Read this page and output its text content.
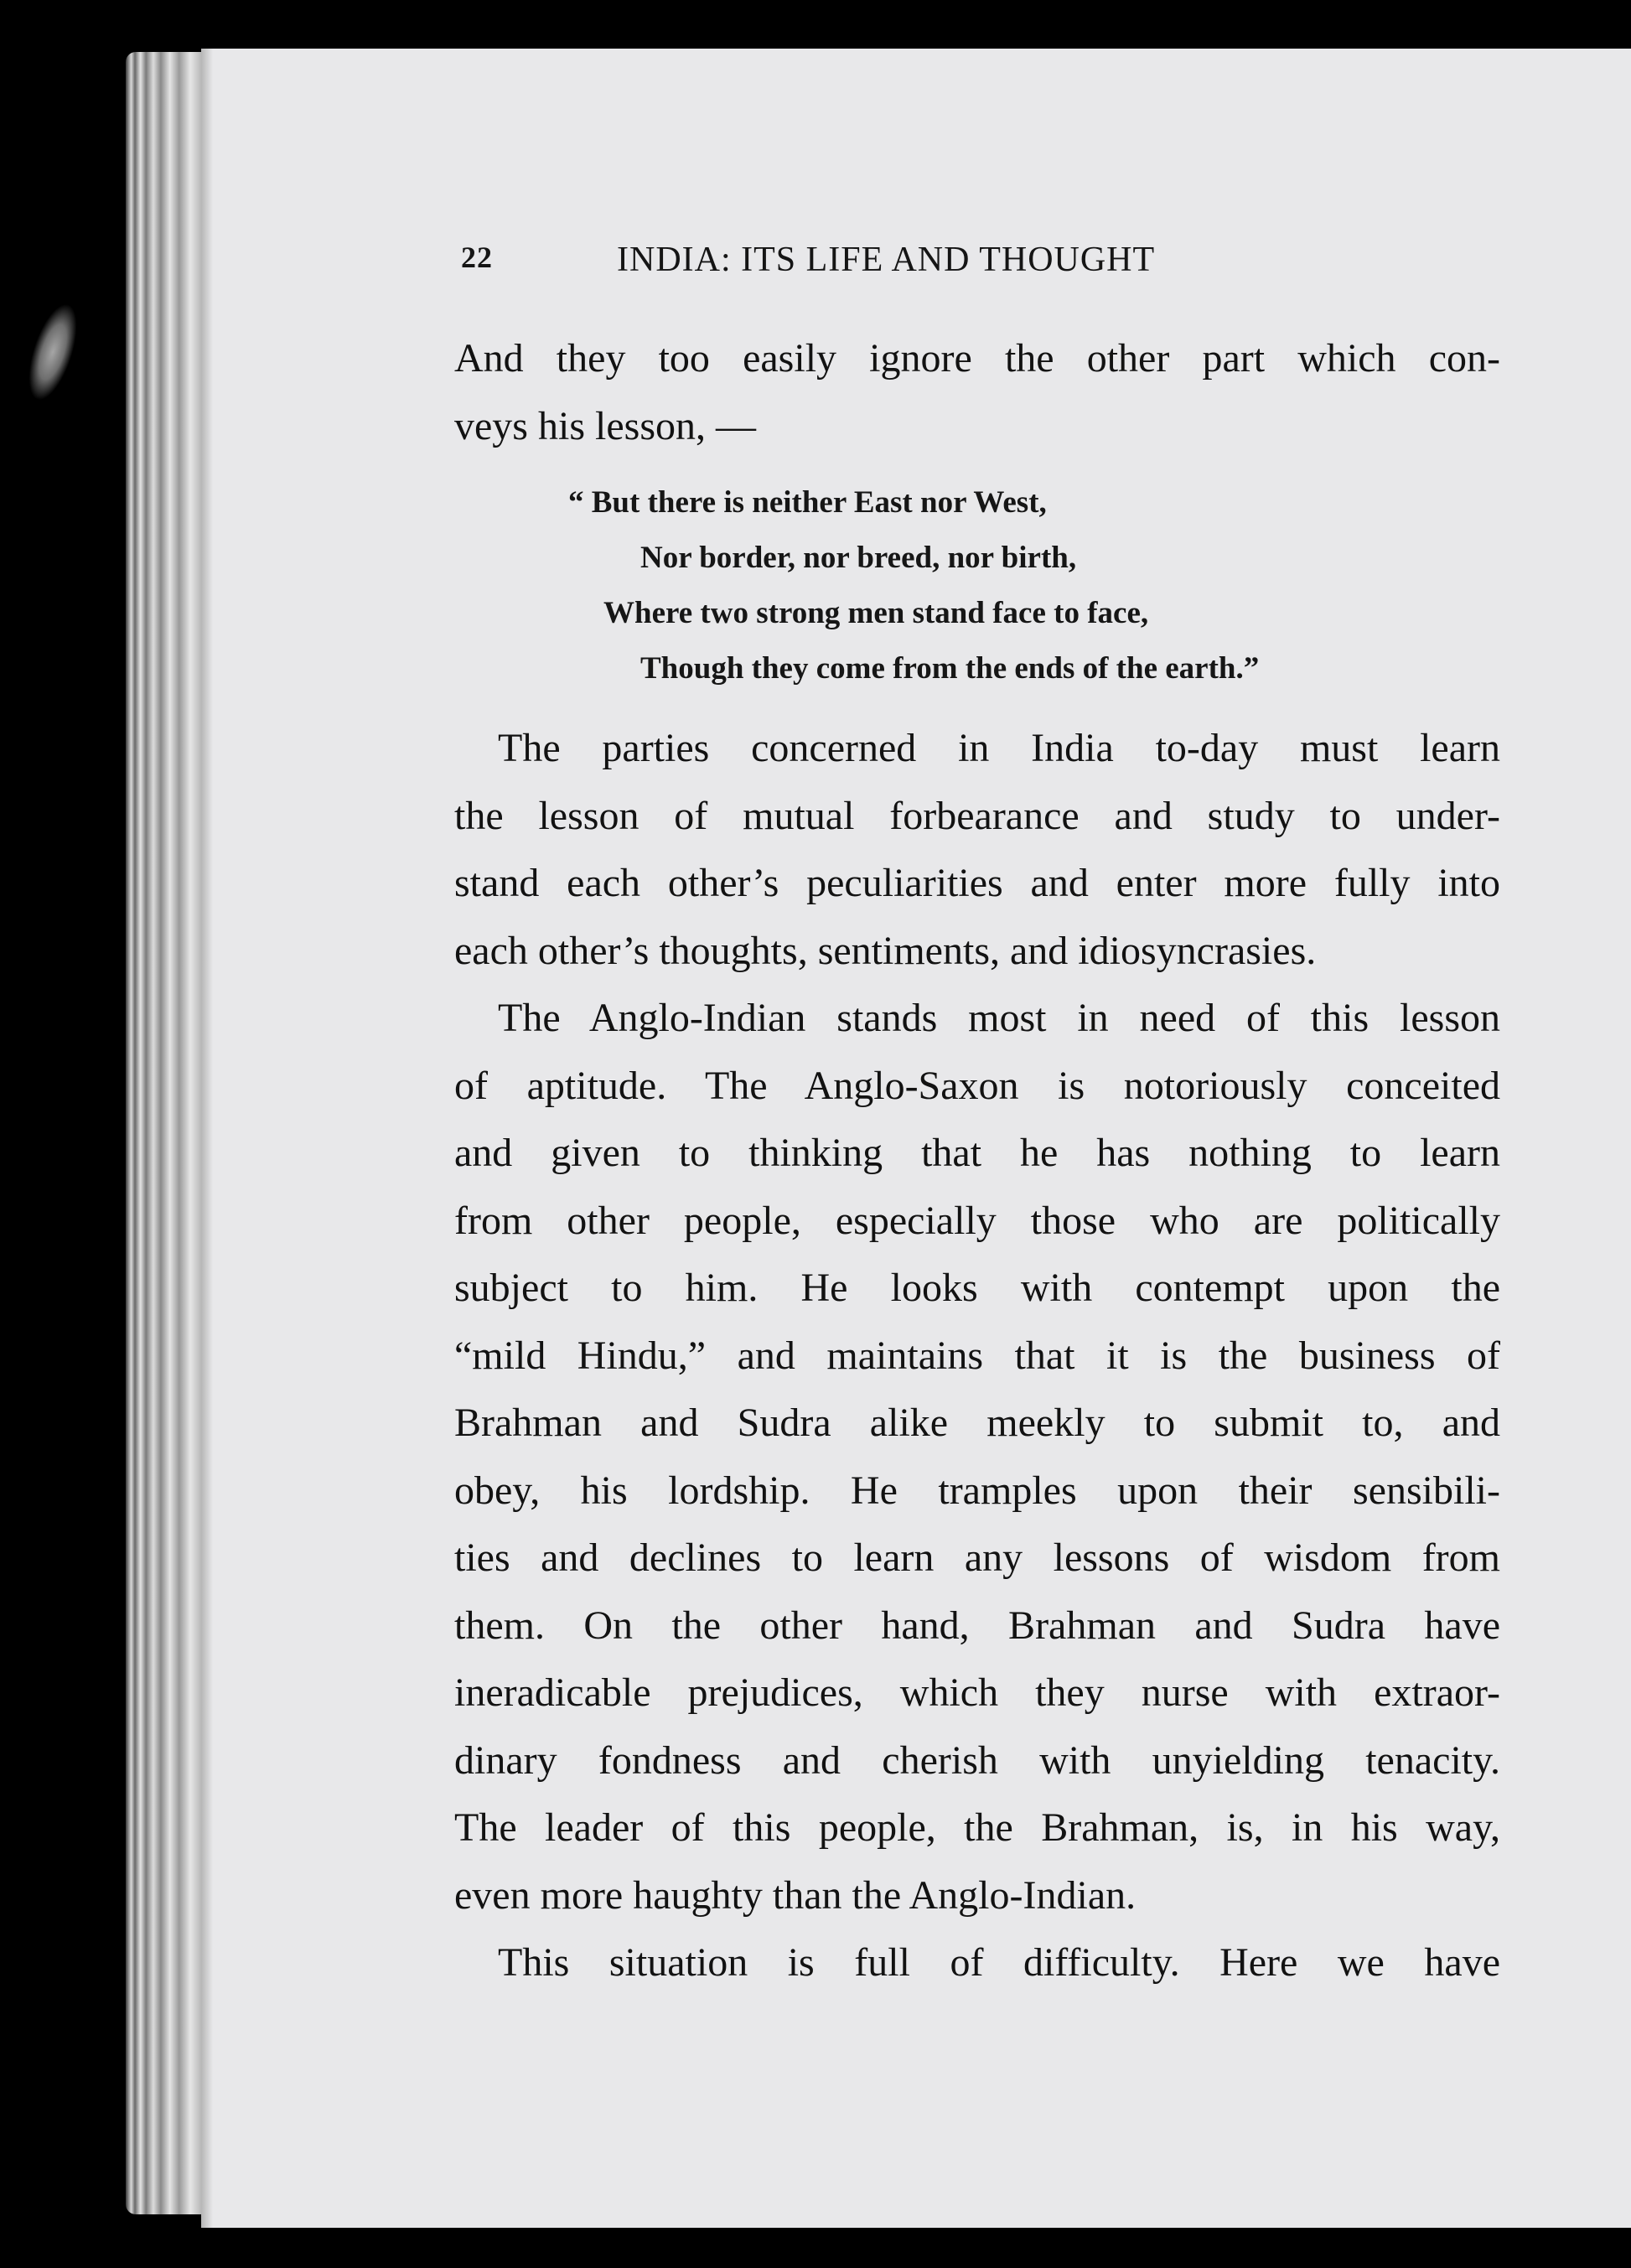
22	INDIA: ITS LIFE AND THOUGHT

And they too easily ignore the other part which con-

veys his lesson, —

“ But there is neither East nor West,
Nor border, nor breed, nor birth,
Where two strong men stand face to face,
Though they come from the ends of the earth.”

The parties concerned in India to-day must learn

the lesson of mutual forbearance and study to under-

stand each other’s peculiarities and enter more fully into

each other’s thoughts, sentiments, and idiosyncrasies.

The Anglo-Indian stands most in need of this lesson

of aptitude. The Anglo-Saxon is notoriously conceited

and given to thinking that he has nothing to learn

from other people, especially those who are politically

subject to him. He looks with contempt upon the

“mild Hindu,” and maintains that it is the business of

Brahman and Sudra alike meekly to submit to, and

obey, his lordship. He tramples upon their sensibili-

ties and declines to learn any lessons of wisdom from

them. On the other hand, Brahman and Sudra have

ineradicable prejudices, which they nurse with extraor-

dinary fondness and cherish with unyielding tenacity.

The leader of this people, the Brahman, is, in his way,

even more haughty than the Anglo-Indian.

This situation is full of difficulty. Here we have
